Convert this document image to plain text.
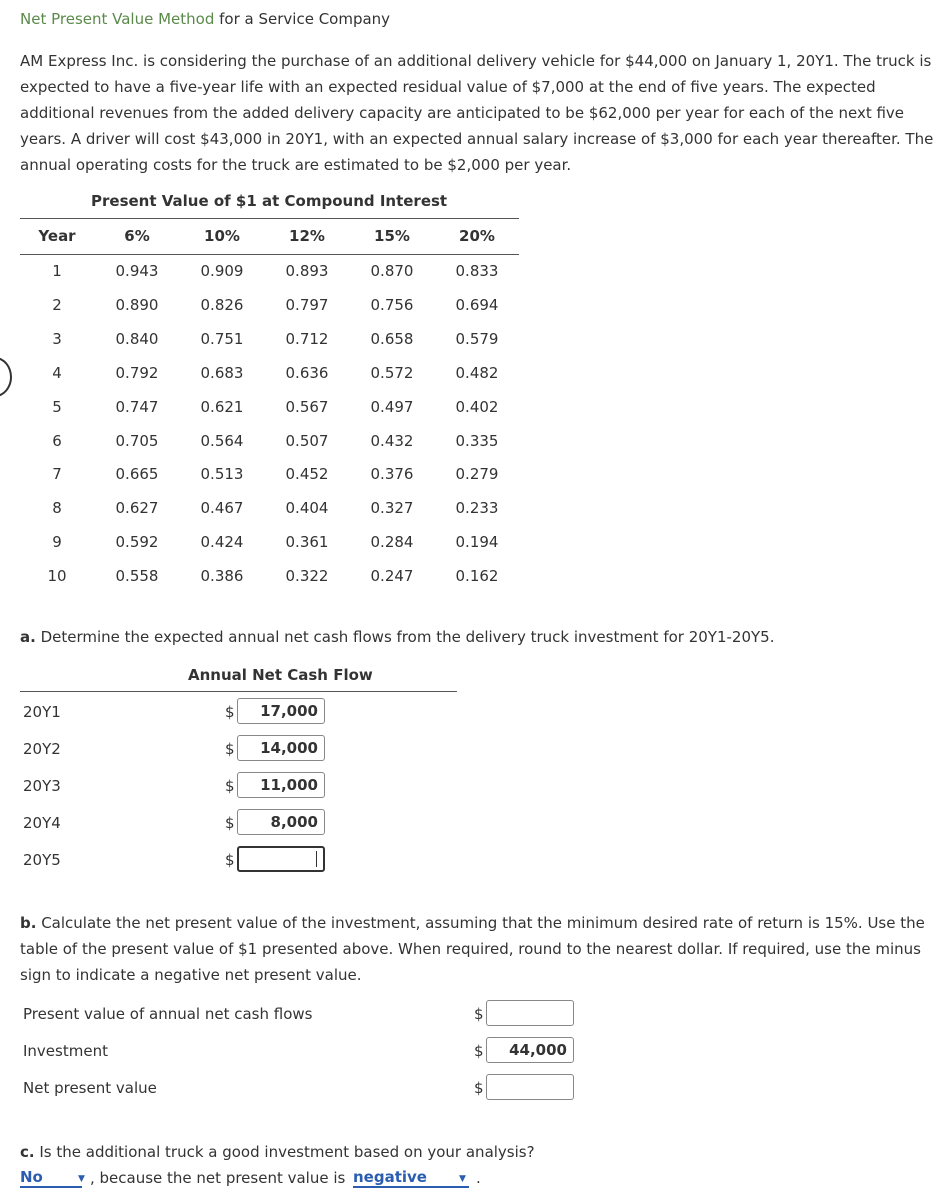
Net Present Value Method for a Service Company
AM Express Inc. is considering the purchase of an additional delivery vehicle for $44,000 on January 1, 20Y1. The truck is expected to have a five-year life with an expected residual value of $7,000 at the end of five years. The expected additional revenues from the added delivery capacity are anticipated to be $62,000 per year for each of the next five years. A driver will cost $43,000 in 20Y1, with an expected annual salary increase of $3,000 for each year thereafter. The annual operating costs for the truck are estimated to be $2,000 per year.
Present Value of $1 at Compound Interest
Year	6%	10%	12%	15%	20%
1	0.943	0.909	0.893	0.870	0.833
2	0.890	0.826	0.797	0.756	0.694
3	0.840	0.751	0.712	0.658	0.579
4	0.792	0.683	0.636	0.572	0.482
5	0.747	0.621	0.567	0.497	0.402
6	0.705	0.564	0.507	0.432	0.335
7	0.665	0.513	0.452	0.376	0.279
8	0.627	0.467	0.404	0.327	0.233
9	0.592	0.424	0.361	0.284	0.194
10	0.558	0.386	0.322	0.247	0.162
a. Determine the expected annual net cash flows from the delivery truck investment for 20Y1-20Y5.
Annual Net Cash Flow
20Y1	$	17,000
20Y2	$	14,000
20Y3	$	11,000
20Y4	$	8,000
20Y5	$
b. Calculate the net present value of the investment, assuming that the minimum desired rate of return is 15%. Use the table of the present value of $1 presented above. When required, round to the nearest dollar. If required, use the minus sign to indicate a negative net present value.
Present value of annual net cash flows	$
Investment	$	44,000
Net present value	$
c. Is the additional truck a good investment based on your analysis?
No	▼ , because the net present value is negative	▼ .
